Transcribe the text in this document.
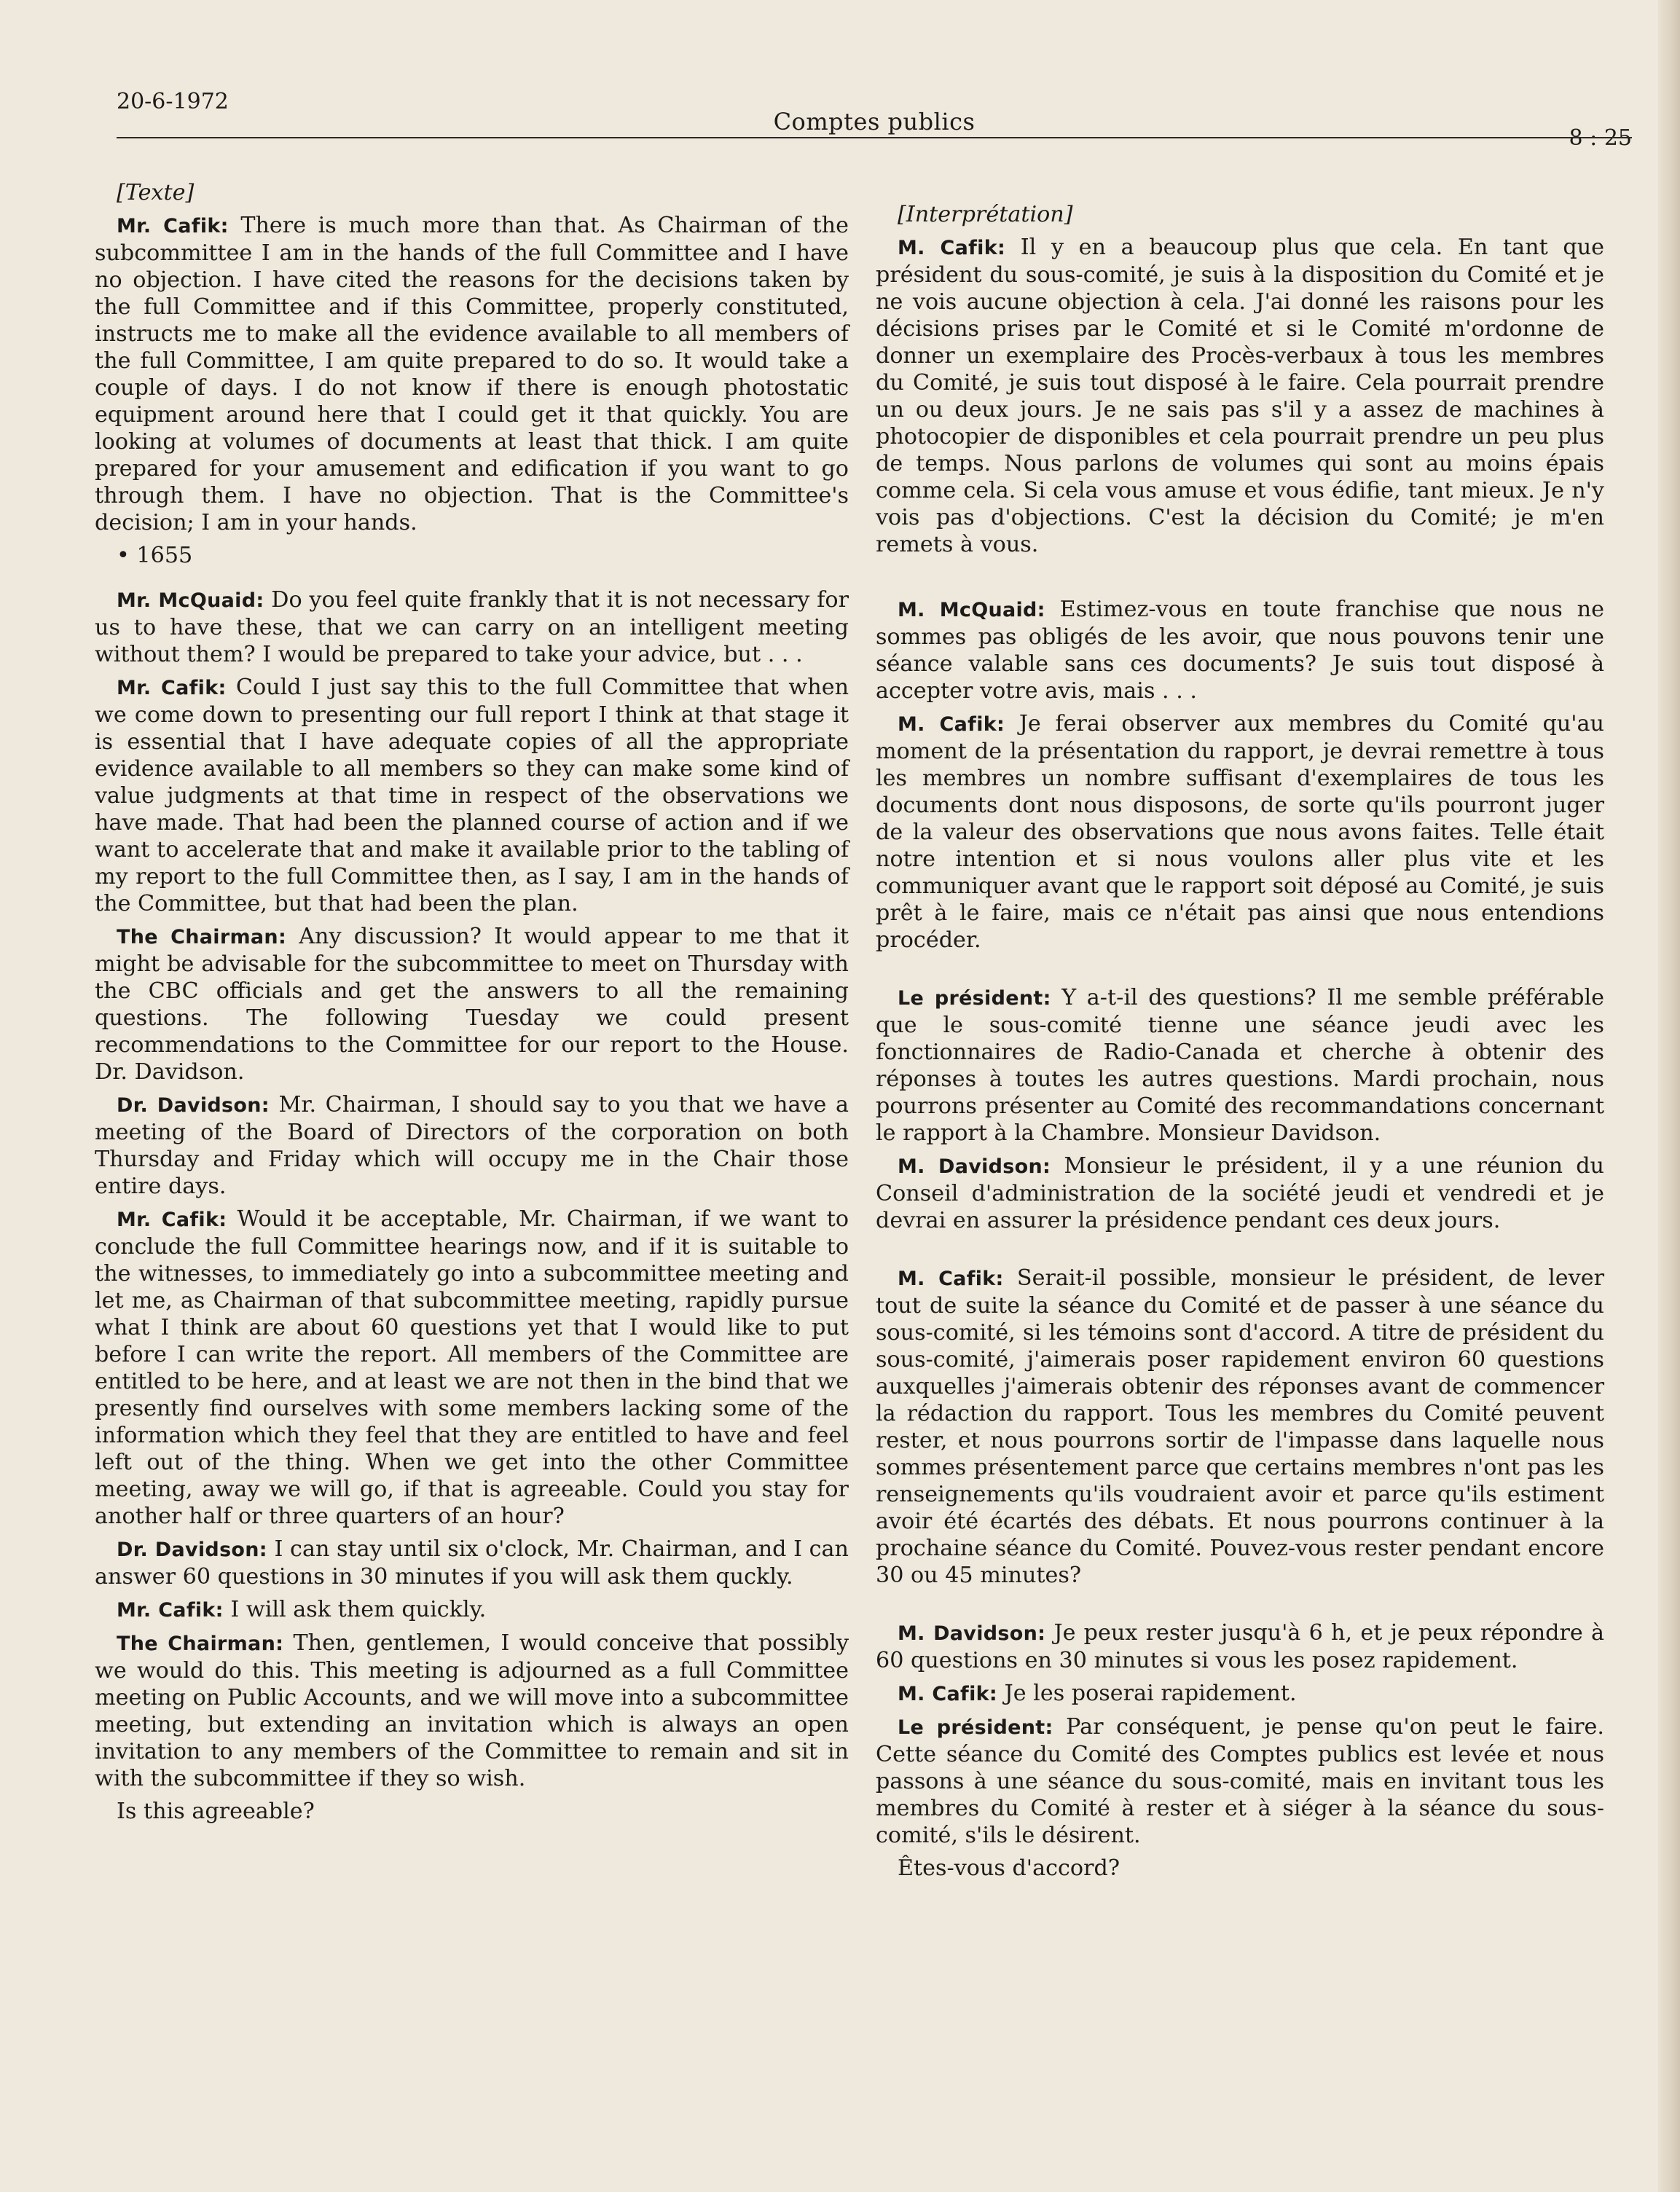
20-6-1972
Comptes publics
8 : 25

[Texte]

Mr. Cafik: There is much more than that. As Chairman of the subcommittee I am in the hands of the full Committee and I have no objection. I have cited the reasons for the decisions taken by the full Committee and if this Committee, properly constituted, instructs me to make all the evidence available to all members of the full Committee, I am quite prepared to do so. It would take a couple of days. I do not know if there is enough photostatic equipment around here that I could get it that quickly. You are looking at volumes of documents at least that thick. I am quite prepared for your amusement and edification if you want to go through them. I have no objection. That is the Committee's decision; I am in your hands.

• 1655

Mr. McQuaid: Do you feel quite frankly that it is not necessary for us to have these, that we can carry on an intelligent meeting without them? I would be prepared to take your advice, but . . .

Mr. Cafik: Could I just say this to the full Committee that when we come down to presenting our full report I think at that stage it is essential that I have adequate copies of all the appropriate evidence available to all members so they can make some kind of value judgments at that time in respect of the observations we have made. That had been the planned course of action and if we want to accelerate that and make it available prior to the tabling of my report to the full Committee then, as I say, I am in the hands of the Committee, but that had been the plan.

The Chairman: Any discussion? It would appear to me that it might be advisable for the subcommittee to meet on Thursday with the CBC officials and get the answers to all the remaining questions. The following Tuesday we could present recommendations to the Committee for our report to the House. Dr. Davidson.

Dr. Davidson: Mr. Chairman, I should say to you that we have a meeting of the Board of Directors of the corporation on both Thursday and Friday which will occupy me in the Chair those entire days.

Mr. Cafik: Would it be acceptable, Mr. Chairman, if we want to conclude the full Committee hearings now, and if it is suitable to the witnesses, to immediately go into a subcommittee meeting and let me, as Chairman of that subcommittee meeting, rapidly pursue what I think are about 60 questions yet that I would like to put before I can write the report. All members of the Committee are entitled to be here, and at least we are not then in the bind that we presently find ourselves with some members lacking some of the information which they feel that they are entitled to have and feel left out of the thing. When we get into the other Committee meeting, away we will go, if that is agreeable. Could you stay for another half or three quarters of an hour?

Dr. Davidson: I can stay until six o'clock, Mr. Chairman, and I can answer 60 questions in 30 minutes if you will ask them quckly.

Mr. Cafik: I will ask them quickly.

The Chairman: Then, gentlemen, I would conceive that possibly we would do this. This meeting is adjourned as a full Committee meeting on Public Accounts, and we will move into a subcommittee meeting, but extending an invitation which is always an open invitation to any members of the Committee to remain and sit in with the subcommittee if they so wish.

Is this agreeable?

[Interprétation]

M. Cafik: Il y en a beaucoup plus que cela. En tant que président du sous-comité, je suis à la disposition du Comité et je ne vois aucune objection à cela. J'ai donné les raisons pour les décisions prises par le Comité et si le Comité m'ordonne de donner un exemplaire des Procès-verbaux à tous les membres du Comité, je suis tout disposé à le faire. Cela pourrait prendre un ou deux jours. Je ne sais pas s'il y a assez de machines à photocopier de disponibles et cela pourrait prendre un peu plus de temps. Nous parlons de volumes qui sont au moins épais comme cela. Si cela vous amuse et vous édifie, tant mieux. Je n'y vois pas d'objections. C'est la décision du Comité; je m'en remets à vous.

M. McQuaid: Estimez-vous en toute franchise que nous ne sommes pas obligés de les avoir, que nous pouvons tenir une séance valable sans ces documents? Je suis tout disposé à accepter votre avis, mais . . .

M. Cafik: Je ferai observer aux membres du Comité qu'au moment de la présentation du rapport, je devrai remettre à tous les membres un nombre suffisant d'exemplaires de tous les documents dont nous disposons, de sorte qu'ils pourront juger de la valeur des observations que nous avons faites. Telle était notre intention et si nous voulons aller plus vite et les communiquer avant que le rapport soit déposé au Comité, je suis prêt à le faire, mais ce n'était pas ainsi que nous entendions procéder.

Le président: Y a-t-il des questions? Il me semble préférable que le sous-comité tienne une séance jeudi avec les fonctionnaires de Radio-Canada et cherche à obtenir des réponses à toutes les autres questions. Mardi prochain, nous pourrons présenter au Comité des recommandations concernant le rapport à la Chambre. Monsieur Davidson.

M. Davidson: Monsieur le président, il y a une réunion du Conseil d'administration de la société jeudi et vendredi et je devrai en assurer la présidence pendant ces deux jours.

M. Cafik: Serait-il possible, monsieur le président, de lever tout de suite la séance du Comité et de passer à une séance du sous-comité, si les témoins sont d'accord. A titre de président du sous-comité, j'aimerais poser rapidement environ 60 questions auxquelles j'aimerais obtenir des réponses avant de commencer la rédaction du rapport. Tous les membres du Comité peuvent rester, et nous pourrons sortir de l'impasse dans laquelle nous sommes présentement parce que certains membres n'ont pas les renseignements qu'ils voudraient avoir et parce qu'ils estiment avoir été écartés des débats. Et nous pourrons continuer à la prochaine séance du Comité. Pouvez-vous rester pendant encore 30 ou 45 minutes?

M. Davidson: Je peux rester jusqu'à 6 h, et je peux répondre à 60 questions en 30 minutes si vous les posez rapidement.

M. Cafik: Je les poserai rapidement.

Le président: Par conséquent, je pense qu'on peut le faire. Cette séance du Comité des Comptes publics est levée et nous passons à une séance du sous-comité, mais en invitant tous les membres du Comité à rester et à siéger à la séance du sous-comité, s'ils le désirent.

Êtes-vous d'accord?
